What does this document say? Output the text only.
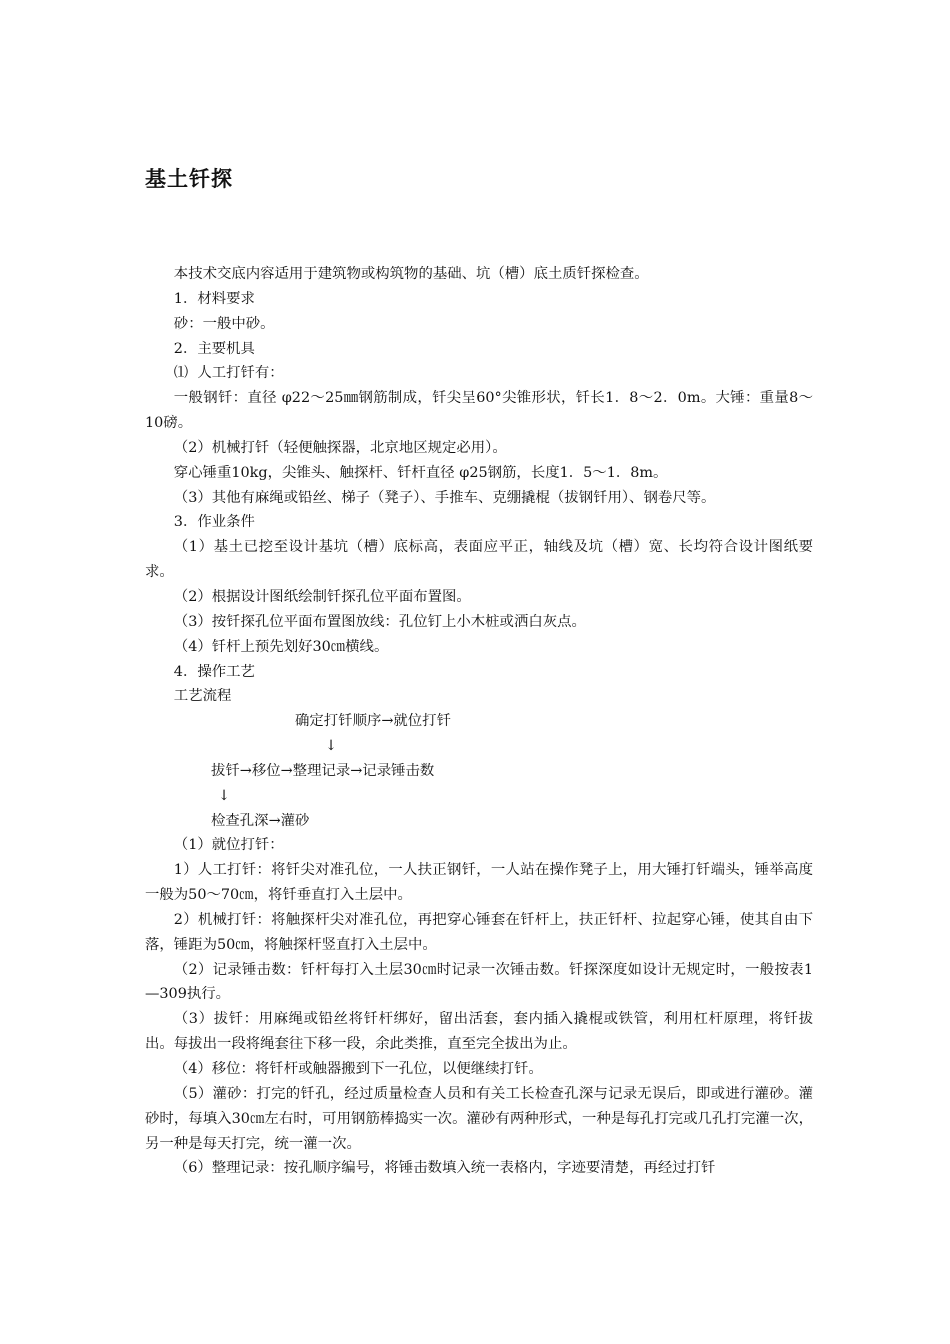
基土钎探

本技术交底内容适用于建筑物或构筑物的基础、坑（槽）底土质钎探检查。

1．材料要求

砂：一般中砂。

2．主要机具

⑴  人工打钎有：

一般钢钎：直径 φ22～25㎜钢筋制成，钎尖呈60°尖锥形状，钎长1．8～2．0m。大锤：重量8～10磅。

（2）机械打钎（轻便触探器，北京地区规定必用）。

穿心锤重10kg，尖锥头、触探杆、钎杆直径 φ25钢筋，长度1．5～1．8m。

（3）其他有麻绳或铅丝、梯子（凳子）、手推车、克绷撬棍（拔钢钎用）、钢卷尺等。

3．作业条件

（1）基土已挖至设计基坑（槽）底标高，表面应平正，轴线及坑（槽）宽、长均符合设计图纸要求。

（2）根据设计图纸绘制钎探孔位平面布置图。

（3）按钎探孔位平面布置图放线：孔位钉上小木桩或洒白灰点。

（4）钎杆上预先划好30㎝横线。

4．操作工艺

工艺流程

确定打钎顺序→就位打钎

↓

拔钎→移位→整理记录→记录锤击数

↓

检查孔深→灌砂

（1）就位打钎：

1）人工打钎：将钎尖对准孔位，一人扶正钢钎，一人站在操作凳子上，用大锤打钎端头，锤举高度一般为50～70㎝，将钎垂直打入土层中。

2）机械打钎：将触探杆尖对准孔位，再把穿心锤套在钎杆上，扶正钎杆、拉起穿心锤，使其自由下落，锤距为50㎝，将触探杆竖直打入土层中。

（2）记录锤击数：钎杆每打入土层30㎝时记录一次锤击数。钎探深度如设计无规定时，一般按表1—309执行。

（3）拔钎：用麻绳或铅丝将钎杆绑好，留出活套，套内插入撬棍或铁管，利用杠杆原理，将钎拔出。每拔出一段将绳套往下移一段，余此类推，直至完全拔出为止。

（4）移位：将钎杆或触器搬到下一孔位，以便继续打钎。

（5）灌砂：打完的钎孔，经过质量检查人员和有关工长检查孔深与记录无误后，即或进行灌砂。灌砂时，每填入30㎝左右时，可用钢筋棒捣实一次。灌砂有两种形式，一种是每孔打完或几孔打完灌一次，另一种是每天打完，统一灌一次。

（6）整理记录：按孔顺序编号，将锤击数填入统一表格内，字迹要清楚，再经过打钎
